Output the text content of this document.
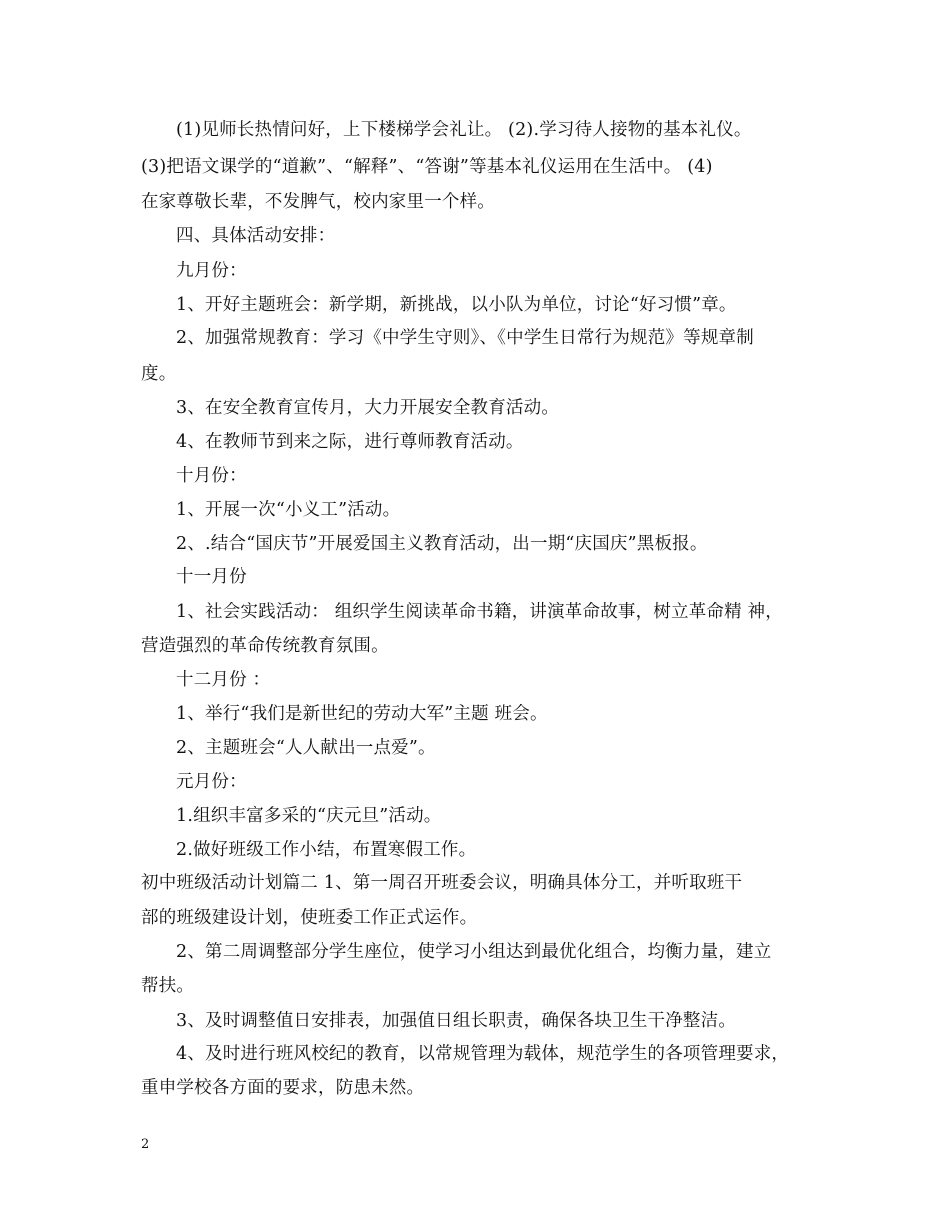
(1)见师长热情问好，上下楼梯学会礼让。 (2).学习待人接物的基本礼仪。
(3)把语文课学的“道歉”、“解释”、“答谢”等基本礼仪运用在生活中。 (4)
在家尊敬长辈，不发脾气，校内家里一个样。
四、具体活动安排：
九月份：
1、开好主题班会：新学期，新挑战，以小队为单位，讨论“好习惯”章。
2、加强常规教育：学习《中学生守则》、《中学生日常行为规范》等规章制
度。
3、在安全教育宣传月，大力开展安全教育活动。
4、在教师节到来之际，进行尊师教育活动。
十月份：
1、开展一次“小义工”活动。
2、.结合“国庆节”开展爱国主义教育活动，出一期“庆国庆”黑板报。
十一月份
1、社会实践活动： 组织学生阅读革命书籍，讲演革命故事，树立革命精 神，
营造强烈的革命传统教育氛围。
十二月份 ：
1、举行“我们是新世纪的劳动大军”主题 班会。
2、主题班会“人人献出一点爱”。
元月份：
1.组织丰富多采的“庆元旦”活动。
2.做好班级工作小结，布置寒假工作。
初中班级活动计划篇二 1、第一周召开班委会议，明确具体分工，并听取班干
部的班级建设计划，使班委工作正式运作。
2、第二周调整部分学生座位，使学习小组达到最优化组合，均衡力量，建立
帮扶。
3、及时调整值日安排表，加强值日组长职责，确保各块卫生干净整洁。
4、及时进行班风校纪的教育，以常规管理为载体，规范学生的各项管理要求，
重申学校各方面的要求，防患未然。
2
